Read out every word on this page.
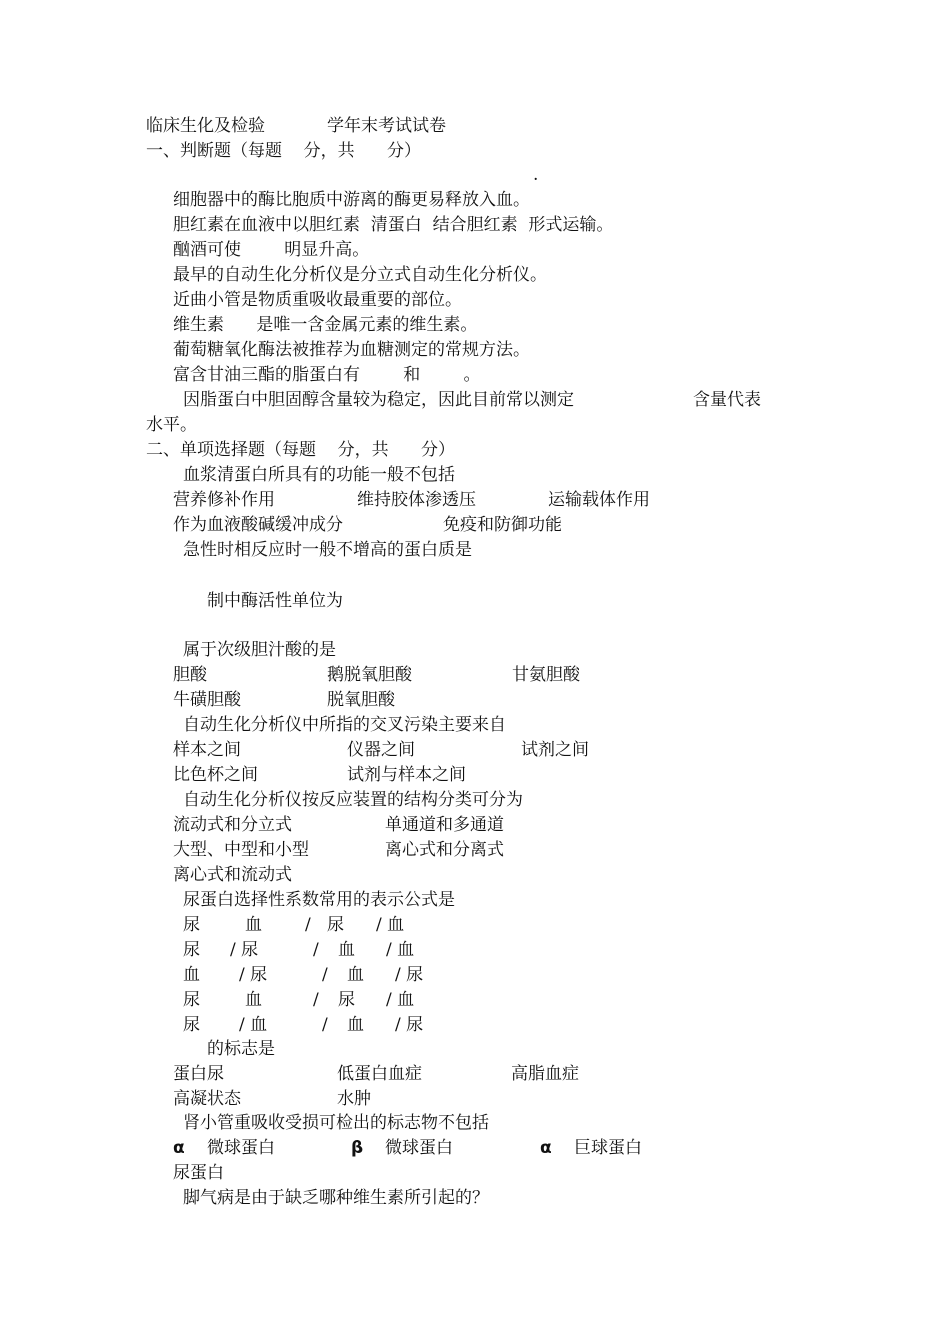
临床生化及检验	学年末考试试卷
一、判断题（每题    分，共      分）
.
细胞器中的酶比胞质中游离的酶更易释放入血。
胆红素在血液中以胆红素  清蛋白  结合胆红素  形式运输。
酗酒可使        明显升高。
最早的自动生化分析仪是分立式自动生化分析仪。
近曲小管是物质重吸收最重要的部位。
维生素      是唯一含金属元素的维生素。
葡萄糖氧化酶法被推荐为血糖测定的常规方法。
富含甘油三酯的脂蛋白有        和        。
因脂蛋白中胆固醇含量较为稳定，因此目前常以测定	含量代表
水平。
二、单项选择题（每题    分，共      分）
血浆清蛋白所具有的功能一般不包括
营养修补作用	维持胶体渗透压	运输载体作用
作为血液酸碱缓冲成分	免疫和防御功能
急性时相反应时一般不增高的蛋白质是
制中酶活性单位为
属于次级胆汁酸的是
胆酸	鹅脱氧胆酸	甘氨胆酸
牛磺胆酸	脱氧胆酸
自动生化分析仪中所指的交叉污染主要来自
样本之间	仪器之间	试剂之间
比色杯之间	试剂与样本之间
自动生化分析仪按反应装置的结构分类可分为
流动式和分立式	单通道和多通道
大型、中型和小型	离心式和分离式
离心式和流动式
尿蛋白选择性系数常用的表示公式是
尿	血	/ 尿 / 血
尿 / 尿	/ 血 / 血
血 / 尿	/ 血 / 尿
尿	血	/ 尿 / 血
尿 / 血	/ 血 / 尿
的标志是
蛋白尿	低蛋白血症	高脂血症
高凝状态	水肿
肾小管重吸收受损可检出的标志物不包括
α 微球蛋白	β 微球蛋白	α 巨球蛋白
尿蛋白
脚气病是由于缺乏哪种维生素所引起的？
